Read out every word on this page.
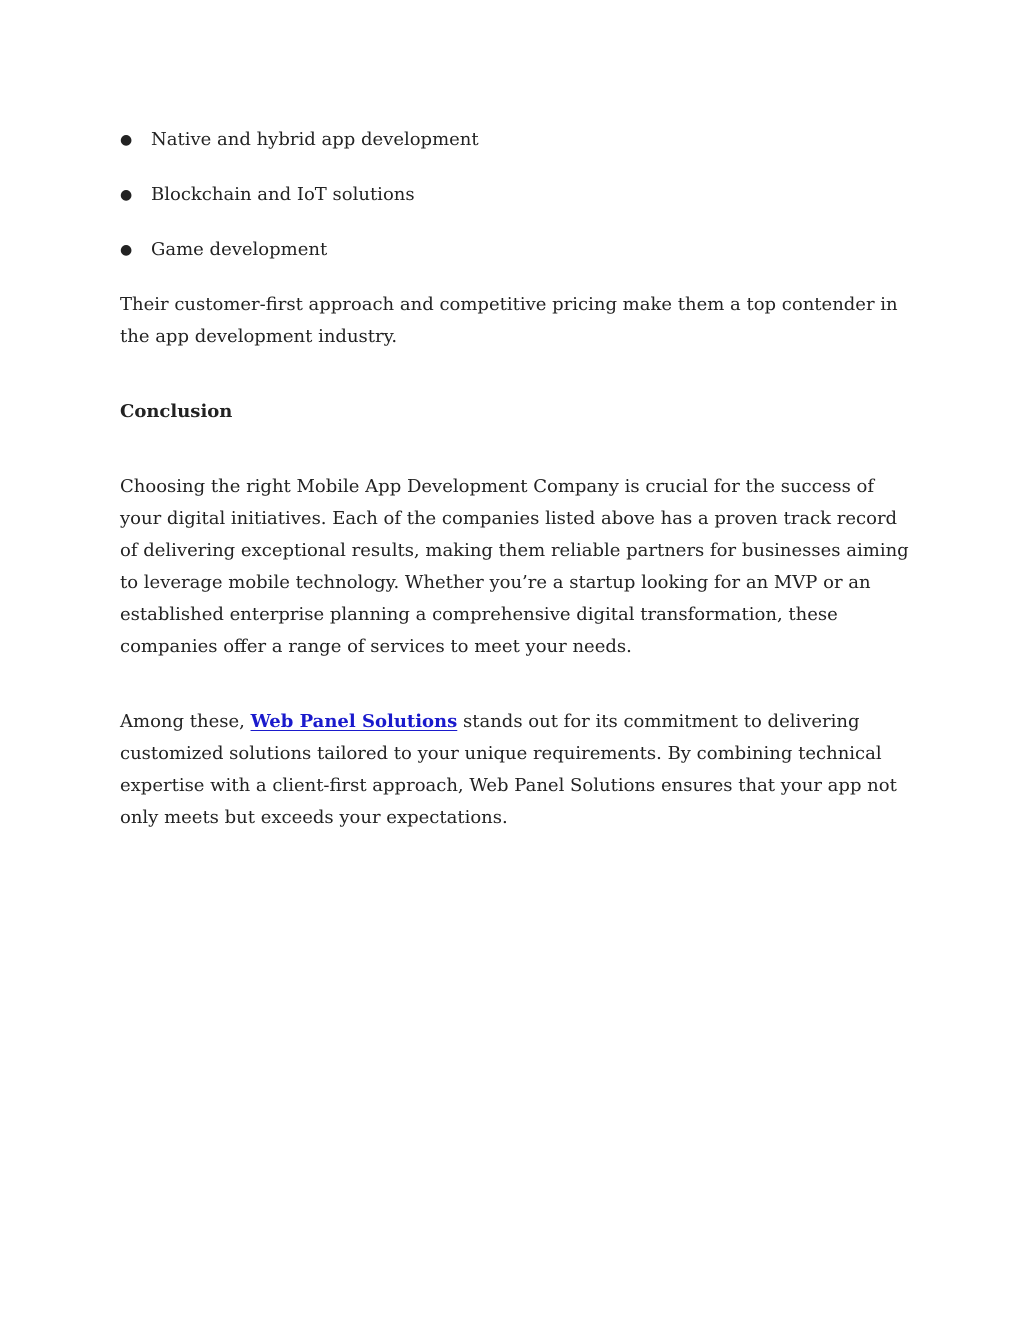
● Native and hybrid app development
● Blockchain and IoT solutions
● Game development

Their customer-first approach and competitive pricing make them a top contender in the app development industry.

Conclusion

Choosing the right Mobile App Development Company is crucial for the success of your digital initiatives. Each of the companies listed above has a proven track record of delivering exceptional results, making them reliable partners for businesses aiming to leverage mobile technology. Whether you’re a startup looking for an MVP or an established enterprise planning a comprehensive digital transformation, these companies offer a range of services to meet your needs.

Among these, Web Panel Solutions stands out for its commitment to delivering customized solutions tailored to your unique requirements. By combining technical expertise with a client-first approach, Web Panel Solutions ensures that your app not only meets but exceeds your expectations.
